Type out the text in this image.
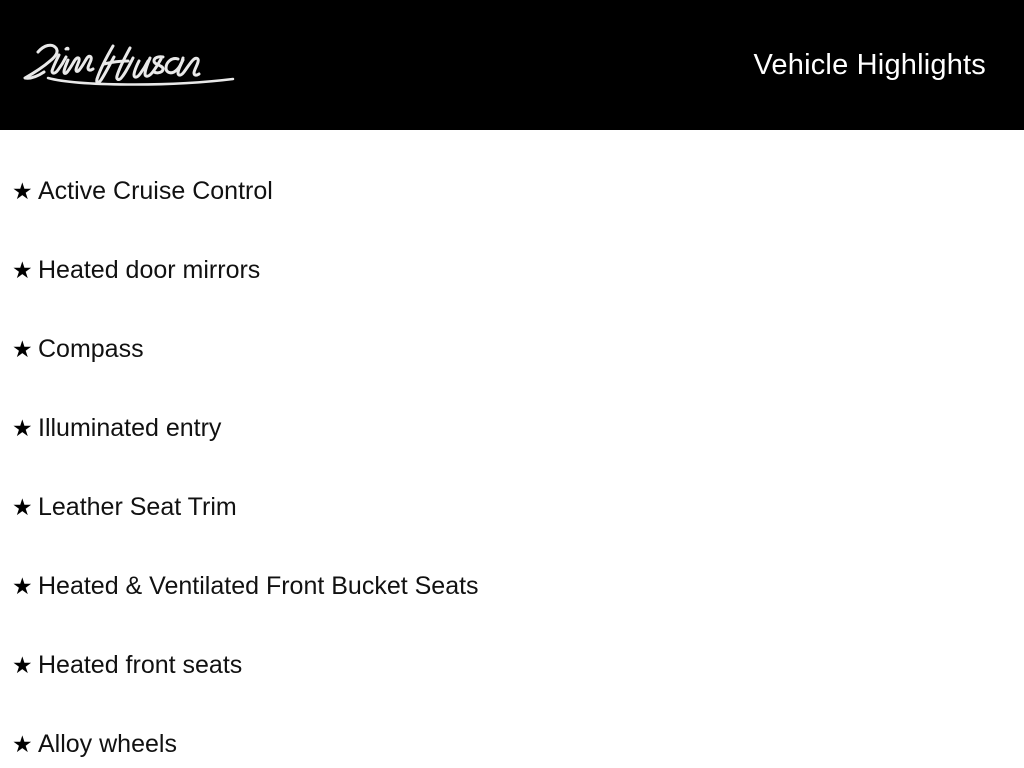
Vehicle Highlights
★ Active Cruise Control
★ Heated door mirrors
★ Compass
★ Illuminated entry
★ Leather Seat Trim
★ Heated & Ventilated Front Bucket Seats
★ Heated front seats
★ Alloy wheels
